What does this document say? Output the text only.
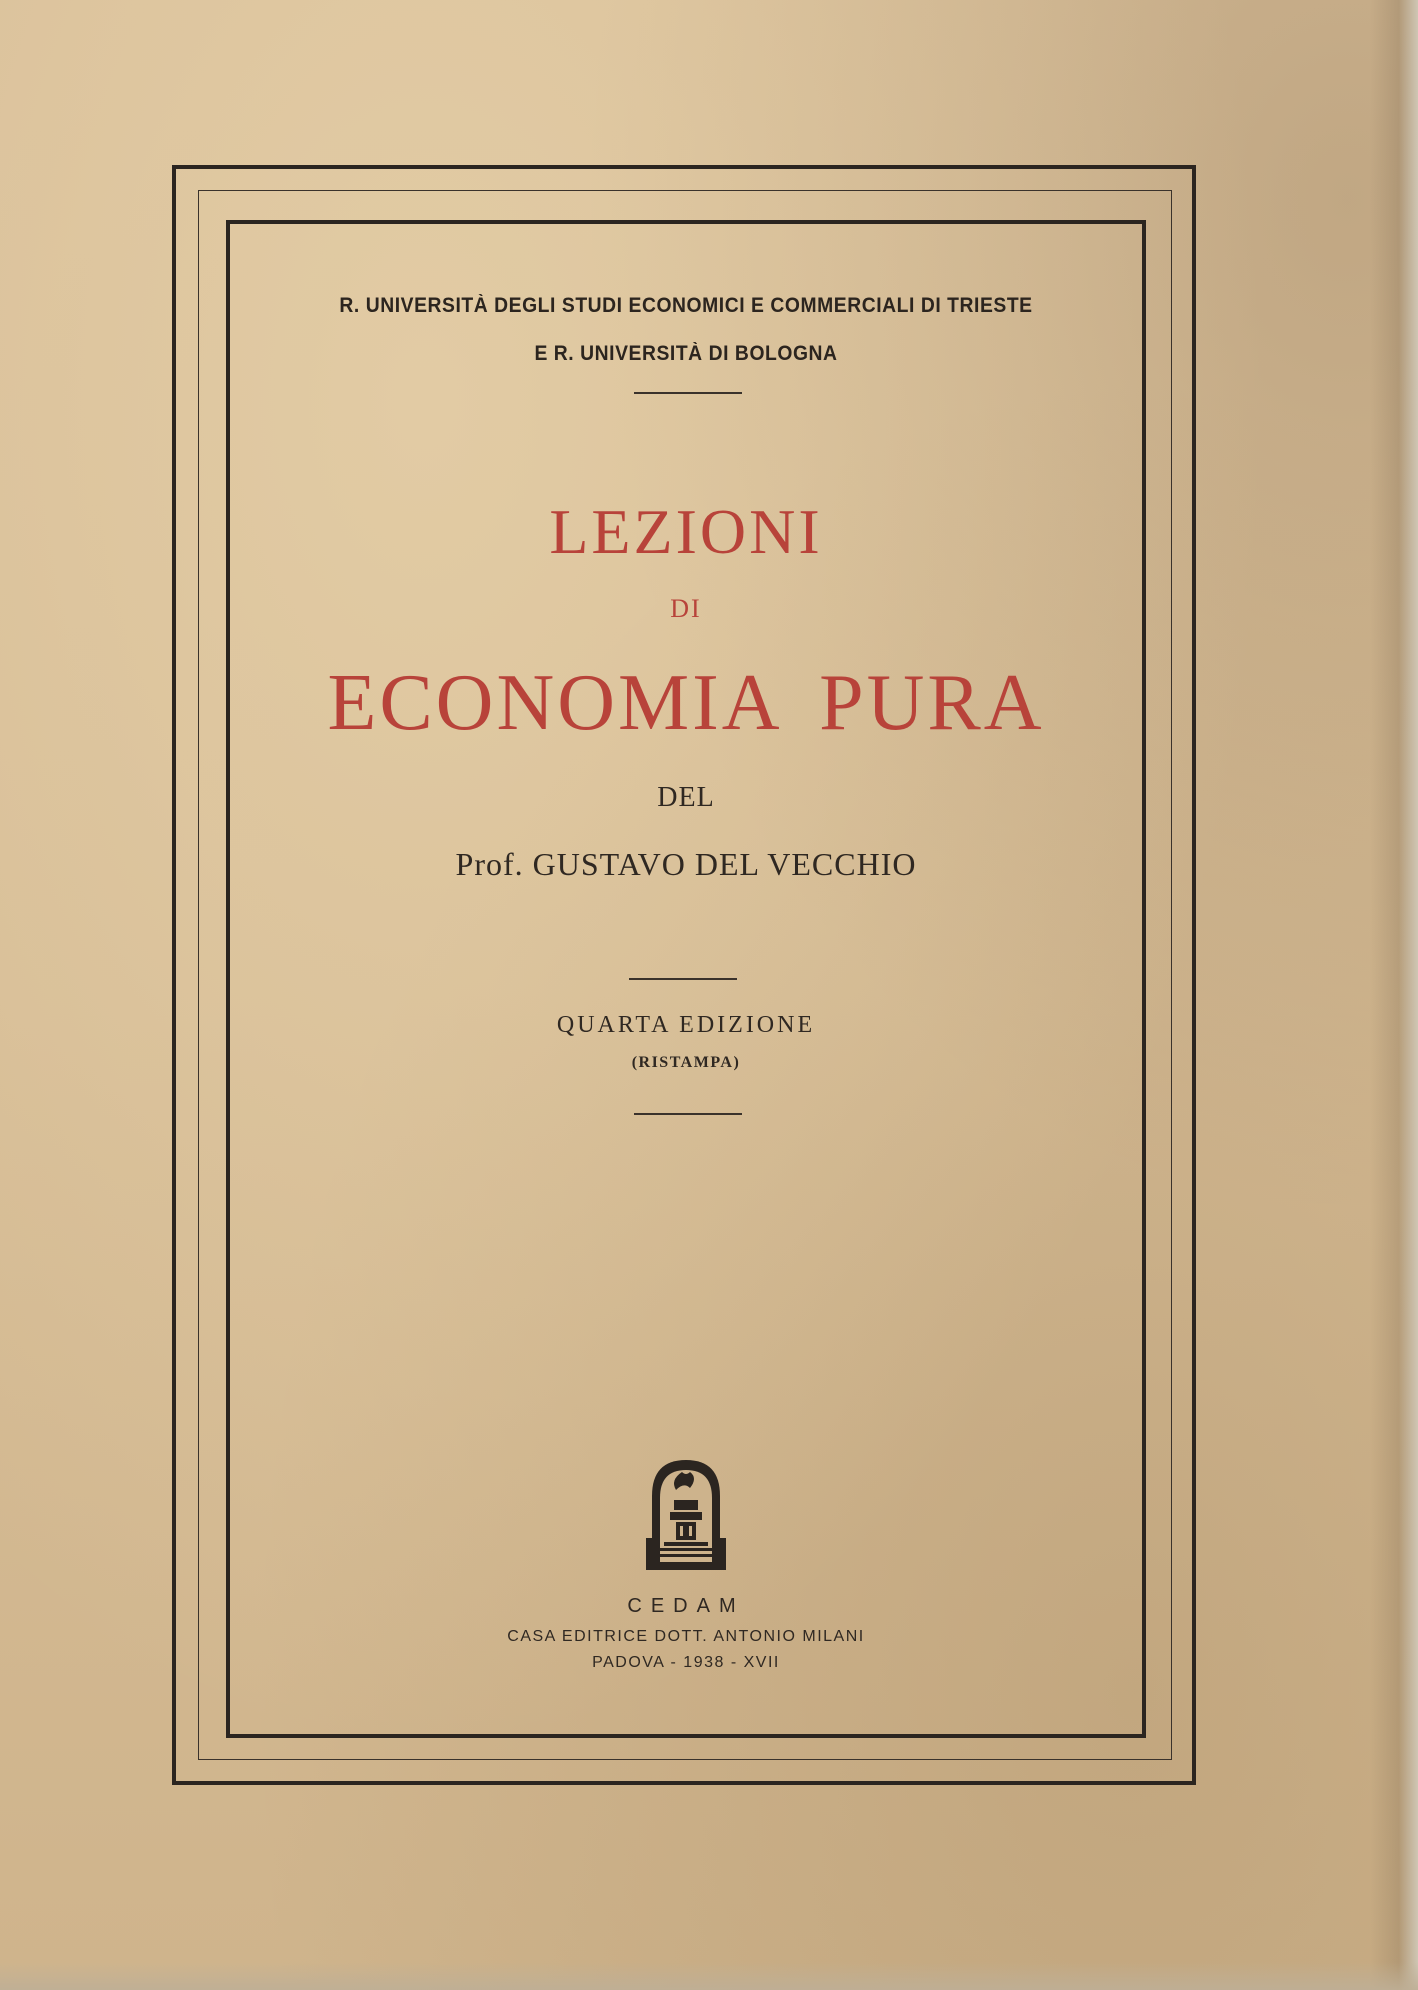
R. UNIVERSITÀ DEGLI STUDI ECONOMICI E COMMERCIALI DI TRIESTE
E R. UNIVERSITÀ DI BOLOGNA
LEZIONI
DI
ECONOMIA PURA
DEL
Prof. GUSTAVO DEL VECCHIO
QUARTA EDIZIONE
(RISTAMPA)
CEDAM
CASA EDITRICE DOTT. ANTONIO MILANI
PADOVA - 1938 - XVII
